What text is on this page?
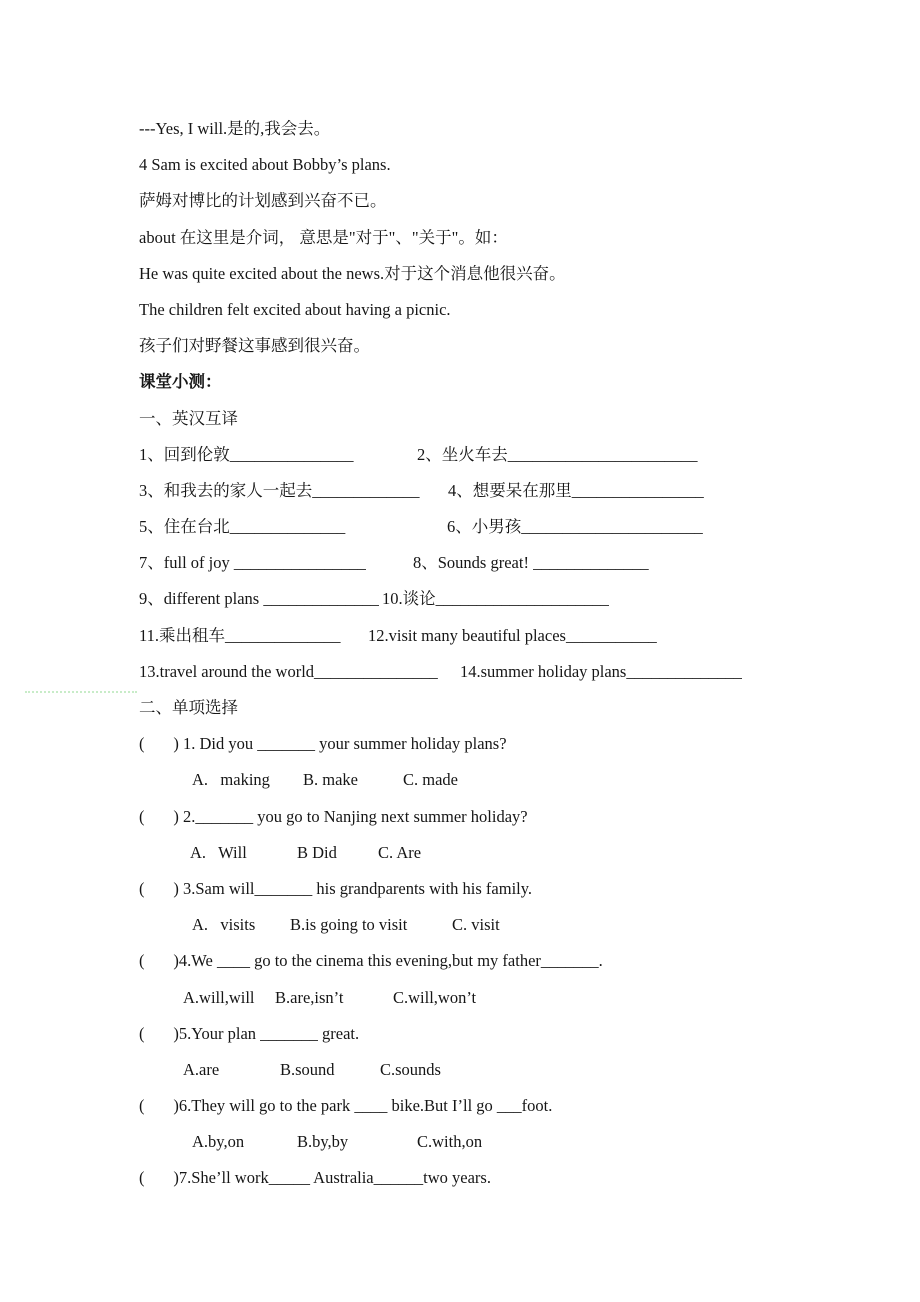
---Yes, I will.是的,我会去。
4 Sam is excited about Bobby’s plans.
萨姆对博比的计划感到兴奋不已。
about 在这里是介词， 意思是"对于"、"关于"。如：
He was quite excited about the news.对于这个消息他很兴奋。
The children felt excited about having a picnic.
孩子们对野餐这事感到很兴奋。
课堂小测：
一、英汉互译
1、回到伦敦_______________	2、坐火车去_______________________
3、和我去的家人一起去_____________ 4、想要呆在那里________________
5、住在台北______________	6、小男孩______________________
7、full of joy ________________	8、Sounds great! ______________
9、different plans ______________ 10.谈论_____________________
11.乘出租车______________ 12.visit many beautiful places___________
13.travel around the world_______________ 14.summer holiday plans______________
二、单项选择
(       ) 1. Did you _______ your summer holiday plans?
A.   making B. make	C. made
(       ) 2._______ you go to Nanjing next summer holiday?
A.   Will	B Did C. Are
(       ) 3.Sam will_______ his grandparents with his family.
A.   visits B.is going to visit	C. visit
(       )4.We ____ go to the cinema this evening,but my father_______.
A.will,will B.are,isn’t	C.will,won’t
(       )5.Your plan _______ great.
A.are	B.sound	C.sounds
(       )6.They will go to the park ____ bike.But I’ll go ___foot.
A.by,on	B.by,by	C.with,on
(       )7.She’ll work_____ Australia______two years.
